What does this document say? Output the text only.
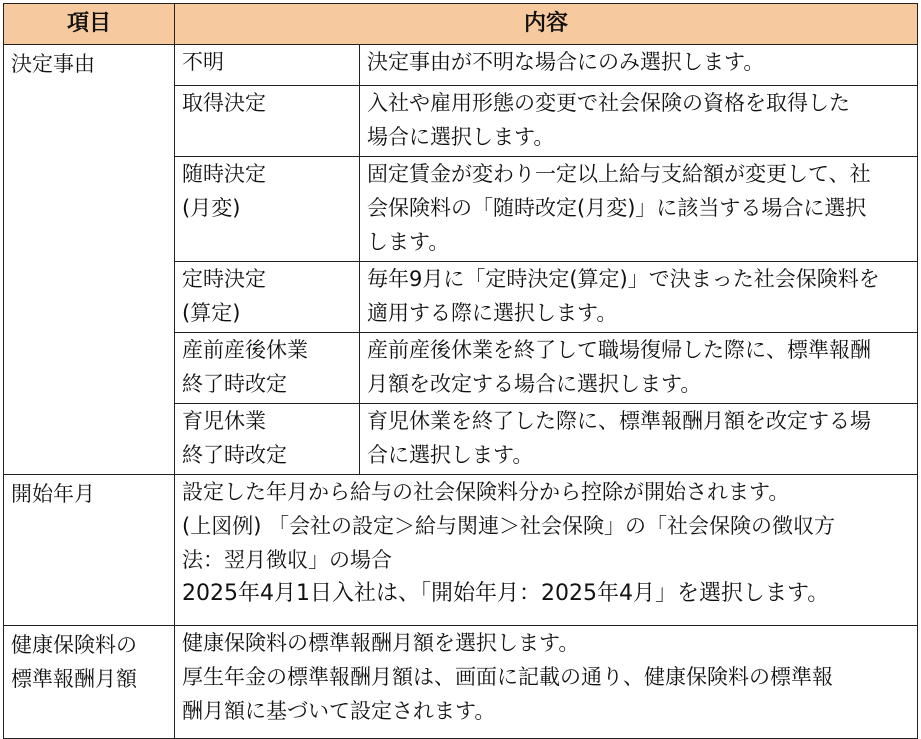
項目	内容	

決定事由	不明	決定事由が不明な場合にのみ選択します。

	取得決定	入社や雇用形態の変更で社会保険の資格を取得した
場合に選択します。

	随時決定
(月変)	固定賃金が変わり一定以上給与支給額が変更して、社
会保険料の「随時改定(月変)」に該当する場合に選択
します。

	定時決定
(算定)	毎年9月に「定時決定(算定)」で決まった社会保険料を
適用する際に選択します。

	産前産後休業
終了時改定	産前産後休業を終了して職場復帰した際に、標準報酬
月額を改定する場合に選択します。

	育児休業
終了時改定	育児休業を終了した際に、標準報酬月額を改定する場
合に選択します。

開始年月	設定した年月から給与の社会保険料分から控除が開始されます。
(上図例) 「会社の設定＞給与関連＞社会保険」の「社会保険の徴収方
法：翌月徴収」の場合
2025年4月1日入社は、「開始年月：2025年4月」を選択します。	

健康保険料の
標準報酬月額	健康保険料の標準報酬月額を選択します。
厚生年金の標準報酬月額は、画面に記載の通り、健康保険料の標準報
酬月額に基づいて設定されます。	
